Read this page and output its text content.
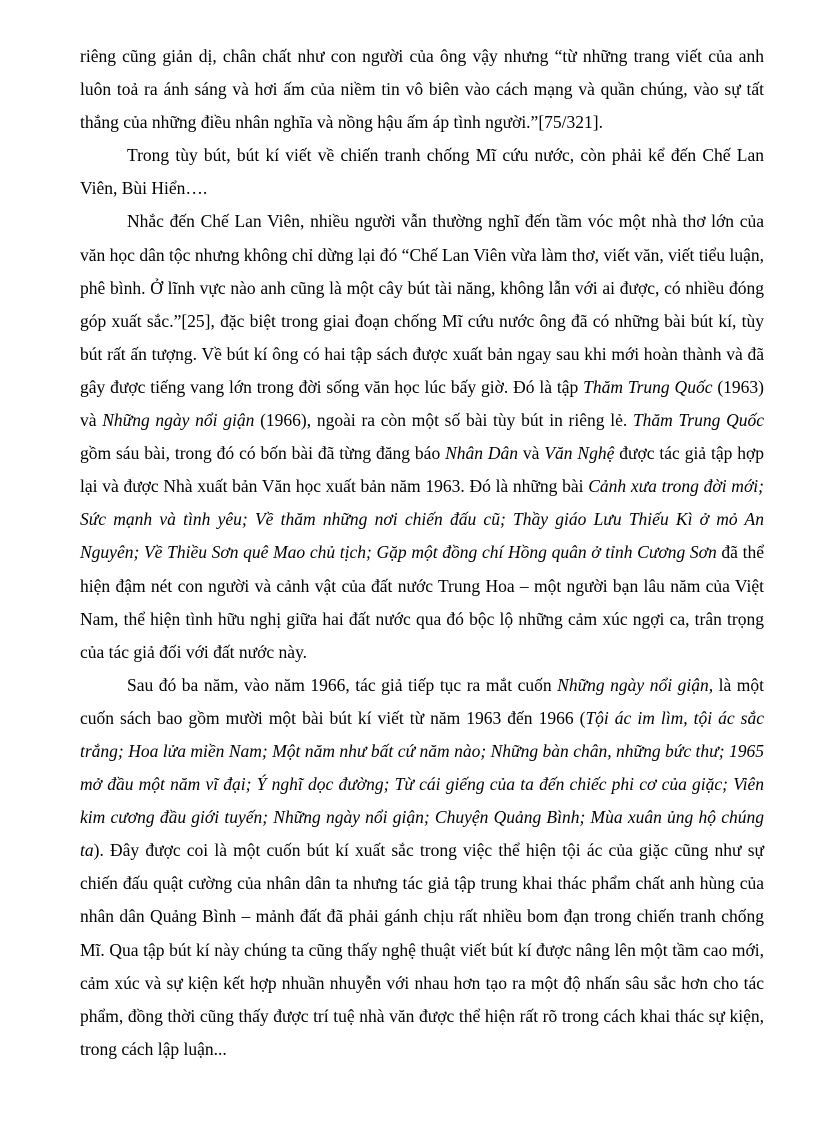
riêng cũng giản dị, chân chất như con người của ông vậy nhưng “từ những trang viết của anh luôn toả ra ánh sáng và hơi ấm của niềm tin vô biên vào cách mạng và quần chúng, vào sự tất thắng của những điều nhân nghĩa và nồng hậu ấm áp tình người.”[75/321].

Trong tùy bút, bút kí viết về chiến tranh chống Mĩ cứu nước, còn phải kể đến Chế Lan Viên, Bùi Hiển….

Nhắc đến Chế Lan Viên, nhiều người vẫn thường nghĩ đến tầm vóc một nhà thơ lớn của văn học dân tộc nhưng không chỉ dừng lại đó “Chế Lan Viên vừa làm thơ, viết văn, viết tiểu luận, phê bình. Ở lĩnh vực nào anh cũng là một cây bút tài năng, không lẫn với ai được, có nhiều đóng góp xuất sắc.”[25], đặc biệt trong giai đoạn chống Mĩ cứu nước ông đã có những bài bút kí, tùy bút rất ấn tượng. Về bút kí ông có hai tập sách được xuất bản ngay sau khi mới hoàn thành và đã gây được tiếng vang lớn trong đời sống văn học lúc bấy giờ. Đó là tập Thăm Trung Quốc (1963) và Những ngày nổi giận (1966), ngoài ra còn một số bài tùy bút in riêng lẻ. Thăm Trung Quốc gồm sáu bài, trong đó có bốn bài đã từng đăng báo Nhân Dân và Văn Nghệ được tác giả tập hợp lại và được Nhà xuất bản Văn học xuất bản năm 1963. Đó là những bài Cảnh xưa trong đời mới; Sức mạnh và tình yêu; Về thăm những nơi chiến đấu cũ; Thầy giáo Lưu Thiếu Kì ở mỏ An Nguyên; Về Thiều Sơn quê Mao chủ tịch; Gặp một đồng chí Hồng quân ở tỉnh Cương Sơn đã thể hiện đậm nét con người và cảnh vật của đất nước Trung Hoa – một người bạn lâu năm của Việt Nam, thể hiện tình hữu nghị giữa hai đất nước qua đó bộc lộ những cảm xúc ngợi ca, trân trọng của tác giả đối với đất nước này.

Sau đó ba năm, vào năm 1966, tác giả tiếp tục ra mắt cuốn Những ngày nổi giận, là một cuốn sách bao gồm mười một bài bút kí viết từ năm 1963 đến 1966 (Tội ác im lìm, tội ác sắc trắng; Hoa lửa miền Nam; Một năm như bất cứ năm nào; Những bàn chân, những bức thư; 1965 mở đầu một năm vĩ đại; Ý nghĩ dọc đường; Từ cái giếng của ta đến chiếc phi cơ của giặc; Viên kim cương đầu giới tuyến; Những ngày nổi giận; Chuyện Quảng Bình; Mùa xuân ủng hộ chúng ta). Đây được coi là một cuốn bút kí xuất sắc trong việc thể hiện tội ác của giặc cũng như sự chiến đấu quật cường của nhân dân ta nhưng tác giả tập trung khai thác phẩm chất anh hùng của nhân dân Quảng Bình – mảnh đất đã phải gánh chịu rất nhiều bom đạn trong chiến tranh chống Mĩ. Qua tập bút kí này chúng ta cũng thấy nghệ thuật viết bút kí được nâng lên một tầm cao mới, cảm xúc và sự kiện kết hợp nhuần nhuyễn với nhau hơn tạo ra một độ nhấn sâu sắc hơn cho tác phẩm, đồng thời cũng thấy được trí tuệ nhà văn được thể hiện rất rõ trong cách khai thác sự kiện, trong cách lập luận...
